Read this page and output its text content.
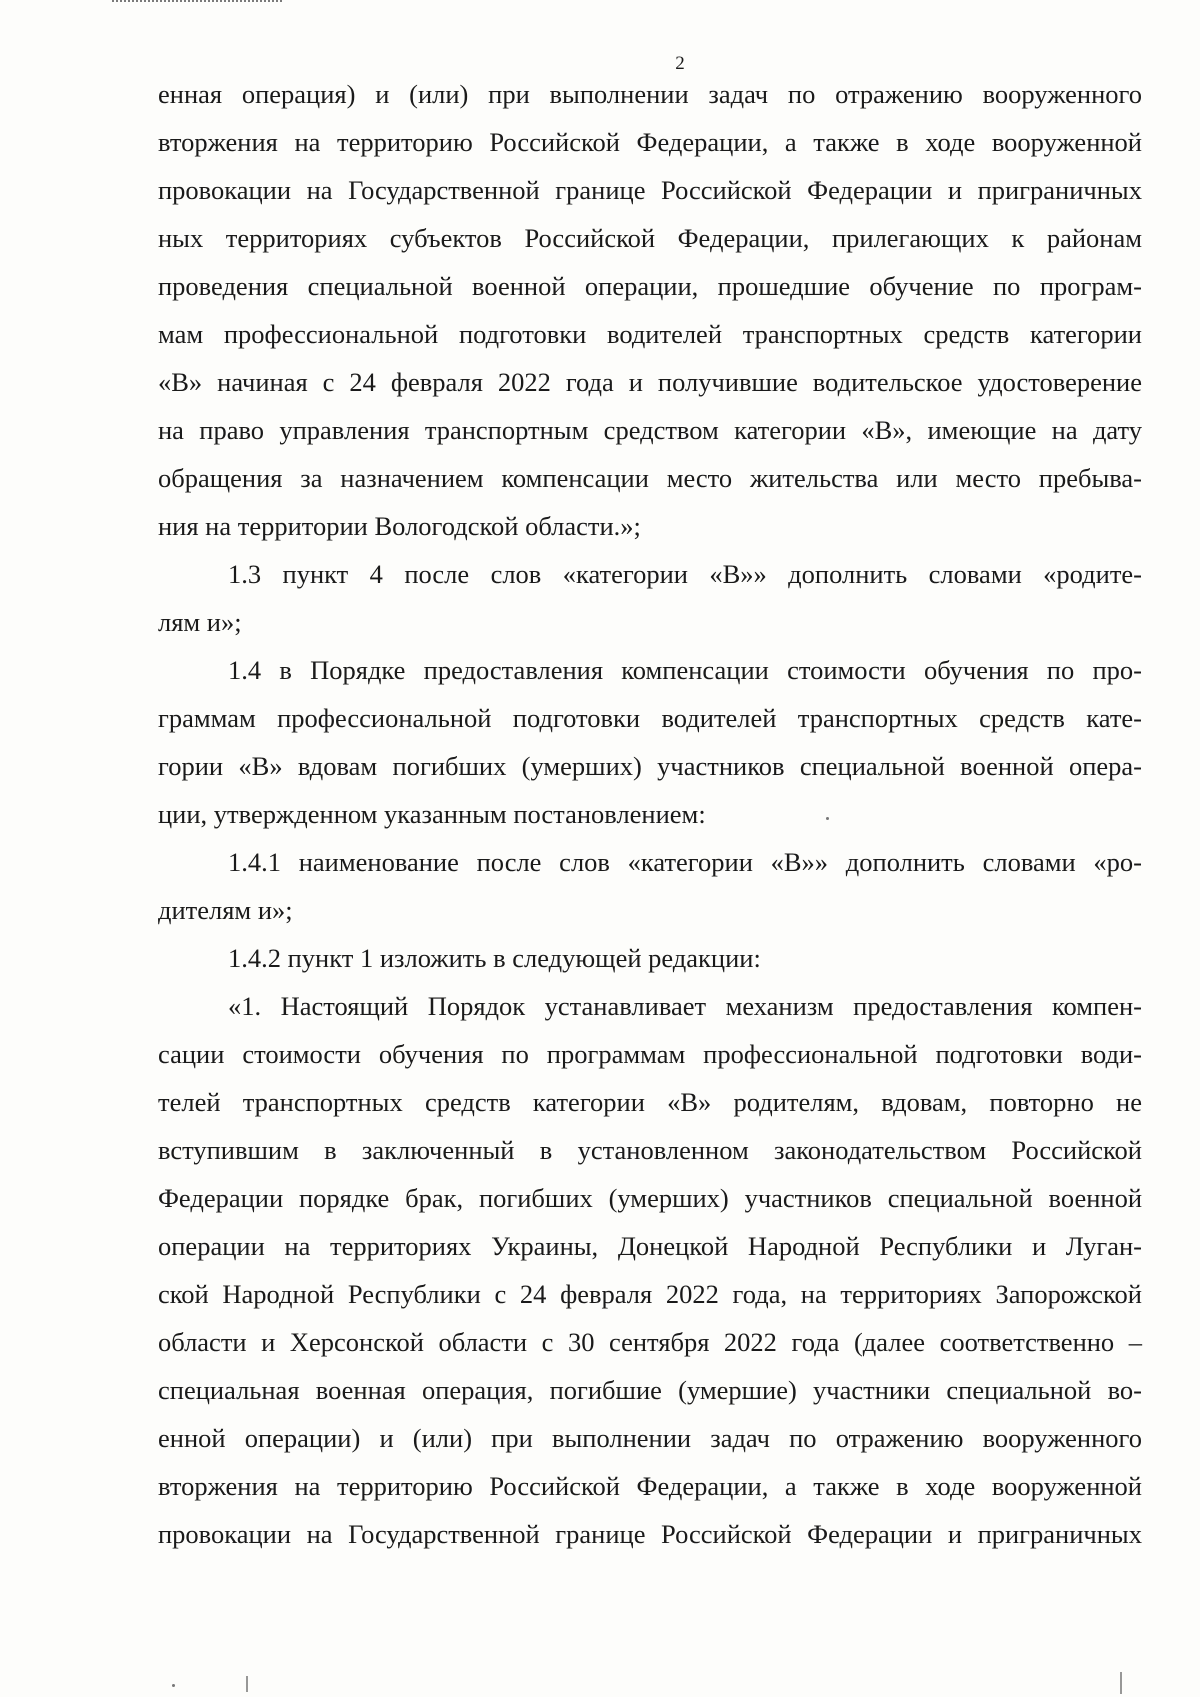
2
енная операция) и (или) при выполнении задач по отражению вооруженного
вторжения на территорию Российской Федерации, а также в ходе вооруженной
провокации на Государственной границе Российской Федерации и приграничных
ных территориях субъектов Российской Федерации, прилегающих к районам
проведения специальной военной операции, прошедшие обучение по програм-
мам профессиональной подготовки водителей транспортных средств категории
«В» начиная с 24 февраля 2022 года и получившие водительское удостоверение
на право управления транспортным средством категории «В», имеющие на дату
обращения за назначением компенсации место жительства или место пребыва-
ния на территории Вологодской области.»;
1.3 пункт 4 после слов «категории «В»» дополнить словами «родите-
лям и»;
1.4 в Порядке предоставления компенсации стоимости обучения по про-
граммам профессиональной подготовки водителей транспортных средств кате-
гории «В» вдовам погибших (умерших) участников специальной военной опера-
ции, утвержденном указанным постановлением:
1.4.1 наименование после слов «категории «В»» дополнить словами «ро-
дителям и»;
1.4.2 пункт 1 изложить в следующей редакции:
«1. Настоящий Порядок устанавливает механизм предоставления компен-
сации стоимости обучения по программам профессиональной подготовки води-
телей транспортных средств категории «В» родителям, вдовам, повторно не
вступившим в заключенный в установленном законодательством Российской
Федерации порядке брак, погибших (умерших) участников специальной военной
операции на территориях Украины, Донецкой Народной Республики и Луган-
ской Народной Республики с 24 февраля 2022 года, на территориях Запорожской
области и Херсонской области с 30 сентября 2022 года (далее соответственно –
специальная военная операция, погибшие (умершие) участники специальной во-
енной операции) и (или) при выполнении задач по отражению вооруженного
вторжения на территорию Российской Федерации, а также в ходе вооруженной
провокации на Государственной границе Российской Федерации и приграничных
